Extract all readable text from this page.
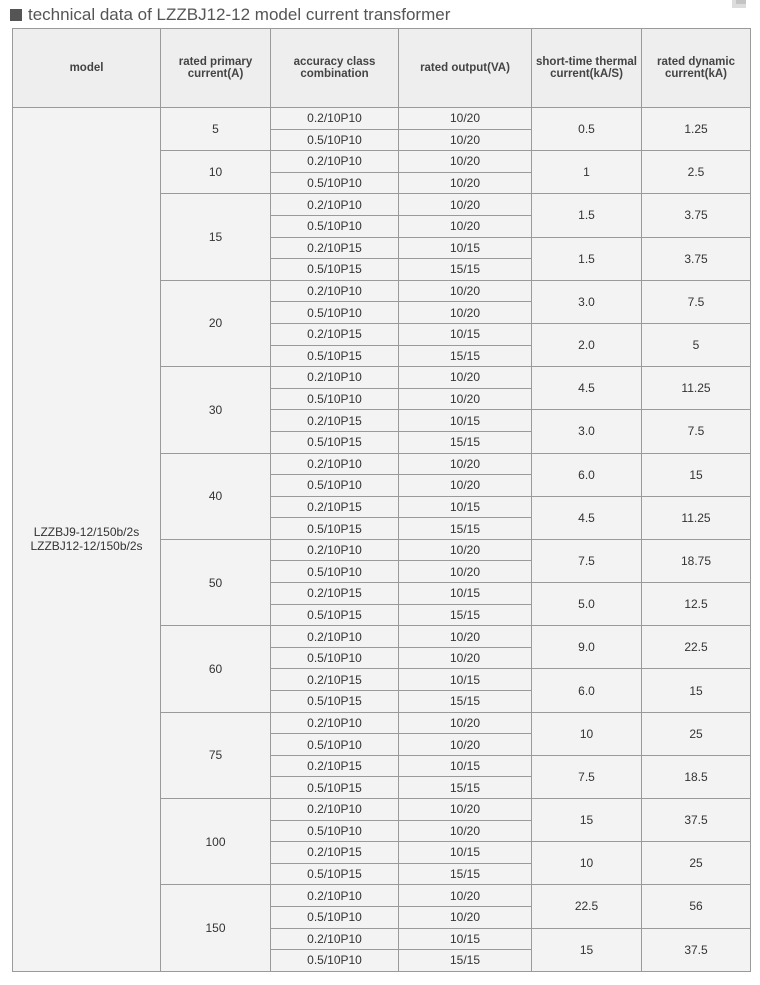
technical data of LZZBJ12-12 model current transformer
model	rated primary current(A)	accuracy class combination	rated output(VA)	short-time thermal current(kA/S)	rated dynamic current(kA)
LZZBJ9-12/150b/2s
LZZBJ12-12/150b/2s	5	0.2/10P10	10/20	0.5	1.25
		0.5/10P10	10/20		
	10	0.2/10P10	10/20	1	2.5
		0.5/10P10	10/20		
	15	0.2/10P10	10/20	1.5	3.75
		0.5/10P10	10/20		
		0.2/10P15	10/15	1.5	3.75
		0.5/10P15	15/15		
	20	0.2/10P10	10/20	3.0	7.5
		0.5/10P10	10/20		
		0.2/10P15	10/15	2.0	5
		0.5/10P15	15/15		
	30	0.2/10P10	10/20	4.5	11.25
		0.5/10P10	10/20		
		0.2/10P15	10/15	3.0	7.5
		0.5/10P15	15/15		
	40	0.2/10P10	10/20	6.0	15
		0.5/10P10	10/20		
		0.2/10P15	10/15	4.5	11.25
		0.5/10P15	15/15		
	50	0.2/10P10	10/20	7.5	18.75
		0.5/10P10	10/20		
		0.2/10P15	10/15	5.0	12.5
		0.5/10P15	15/15		
	60	0.2/10P10	10/20	9.0	22.5
		0.5/10P10	10/20		
		0.2/10P15	10/15	6.0	15
		0.5/10P15	15/15		
	75	0.2/10P10	10/20	10	25
		0.5/10P10	10/20		
		0.2/10P15	10/15	7.5	18.5
		0.5/10P15	15/15		
	100	0.2/10P10	10/20	15	37.5
		0.5/10P10	10/20		
		0.2/10P15	10/15	10	25
		0.5/10P15	15/15		
	150	0.2/10P10	10/20	22.5	56
		0.5/10P10	10/20		
		0.2/10P10	10/15	15	37.5
		0.5/10P10	15/15		
